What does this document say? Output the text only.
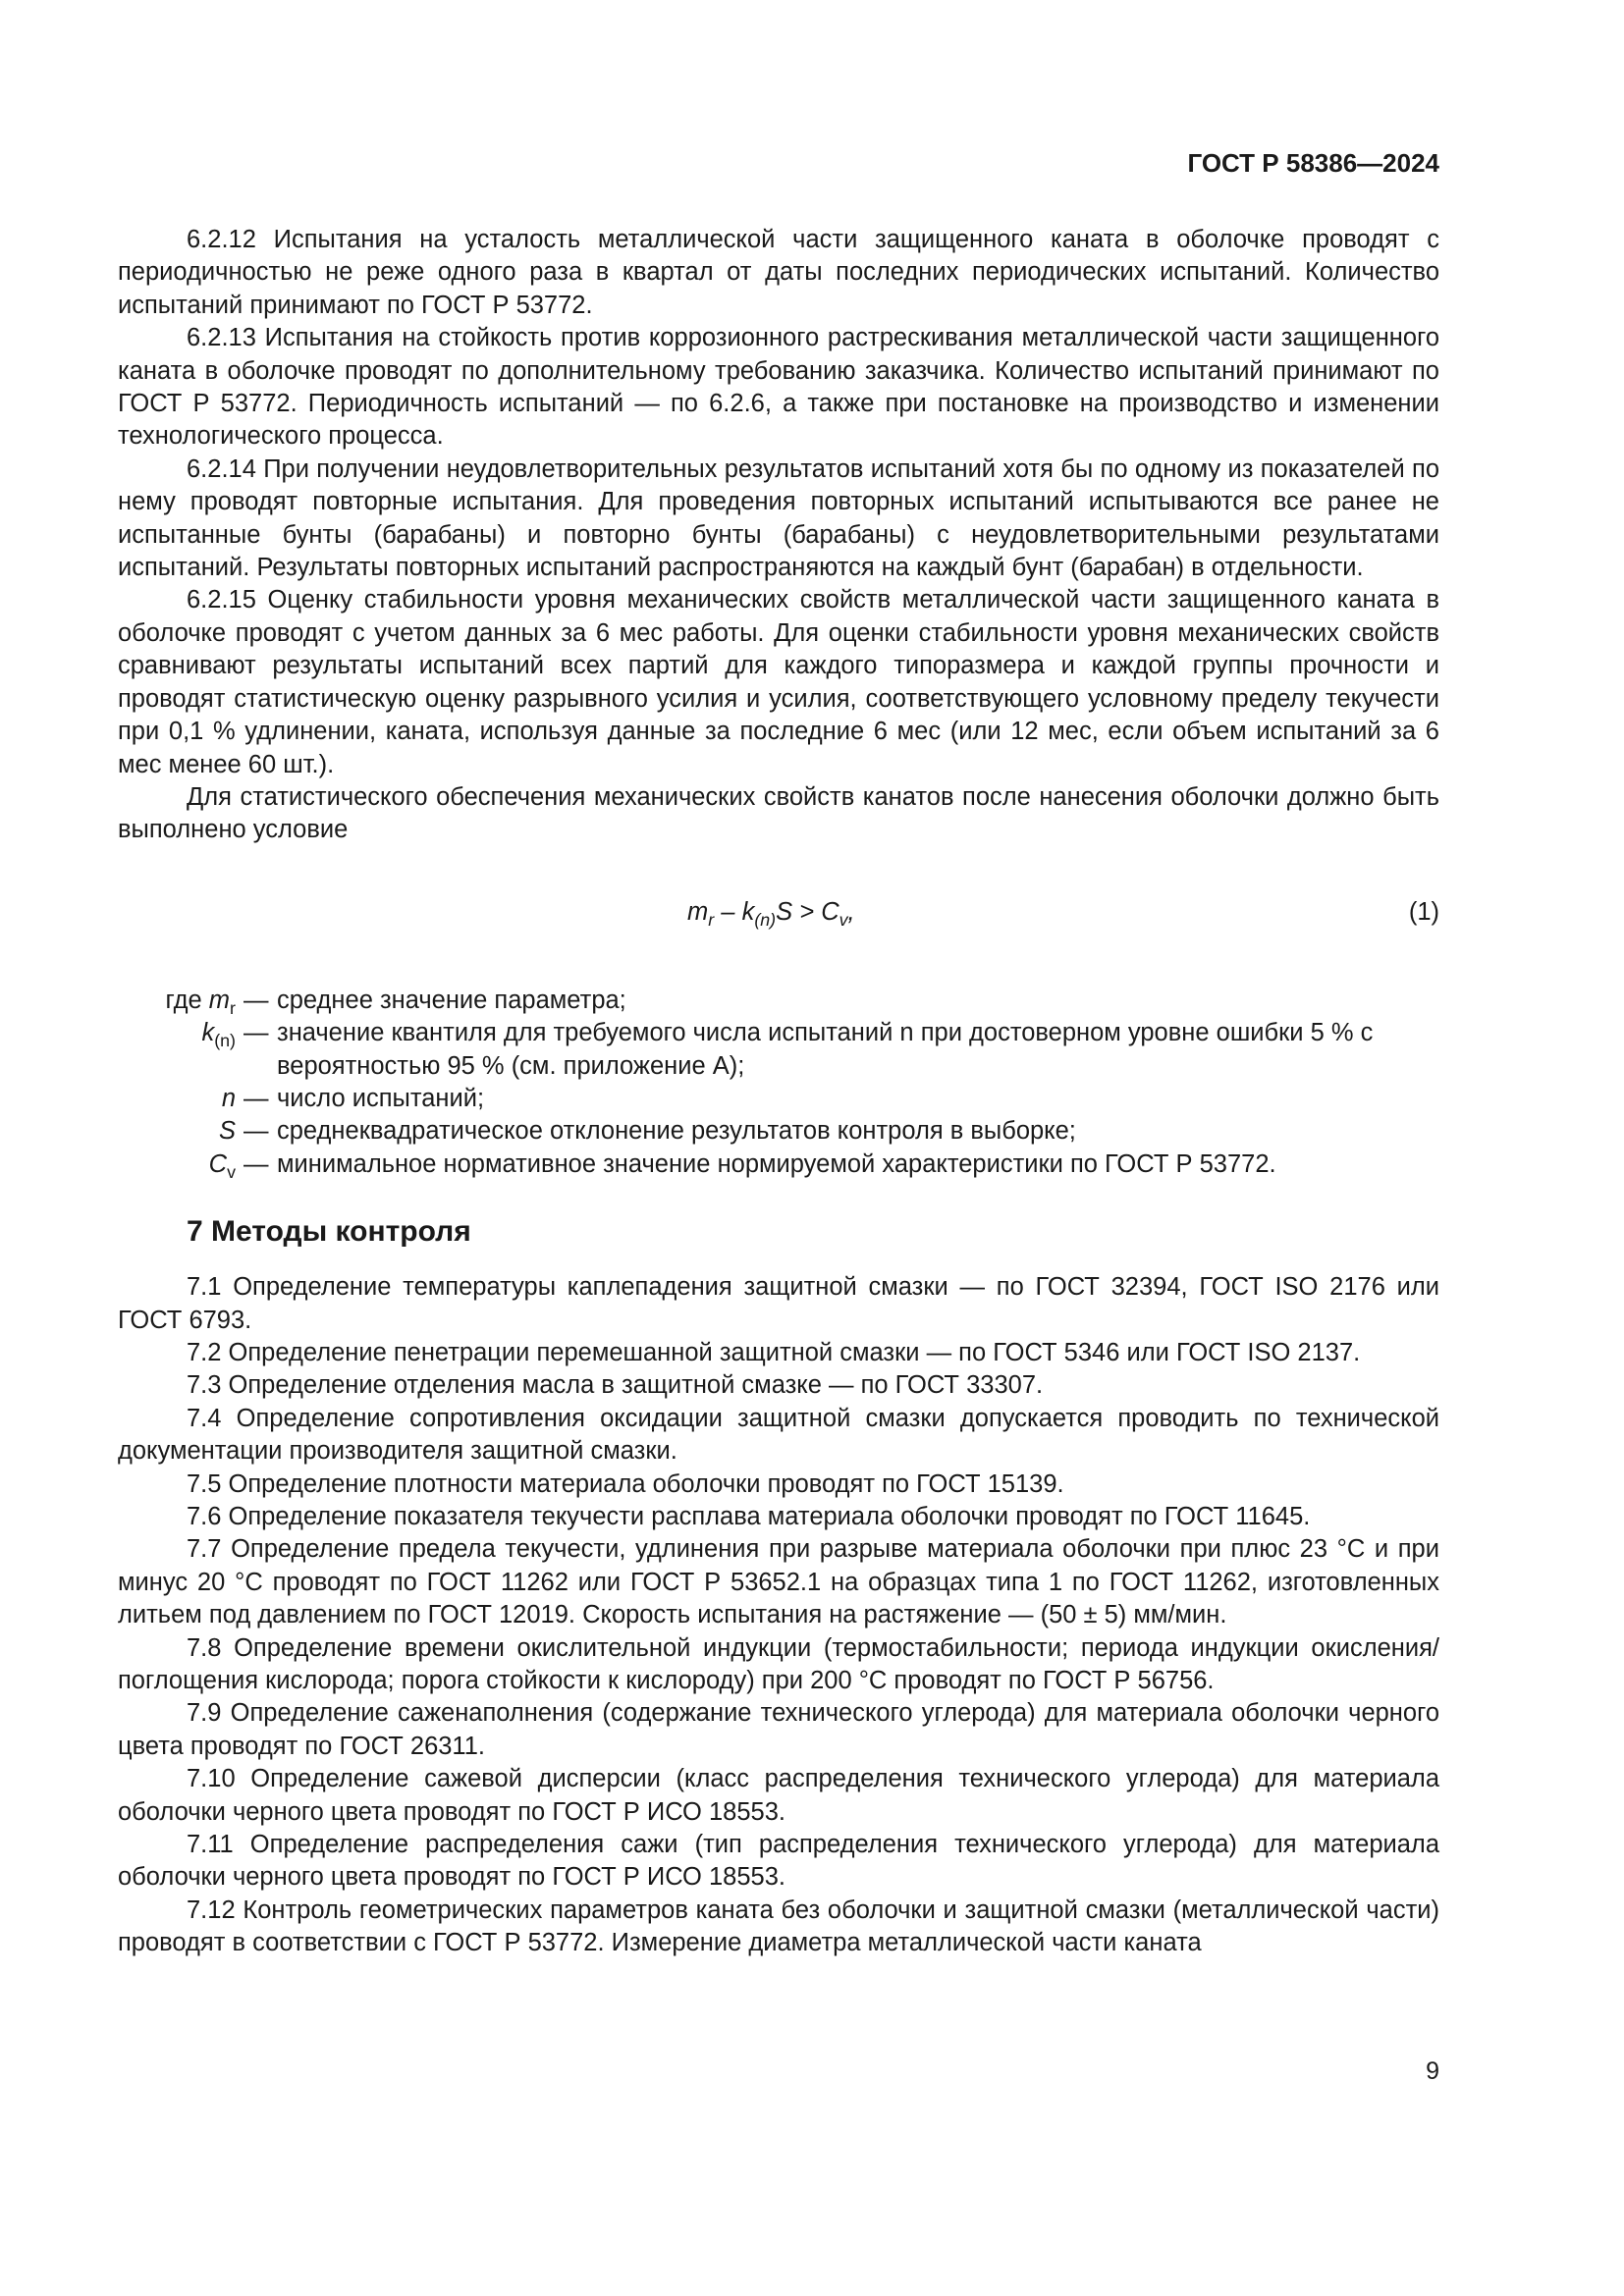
ГОСТ Р 58386—2024

6.2.12 Испытания на усталость металлической части защищенного каната в оболочке проводят с периодичностью не реже одного раза в квартал от даты последних периодических испытаний. Количество испытаний принимают по ГОСТ Р 53772.

6.2.13 Испытания на стойкость против коррозионного растрескивания металлической части защищенного каната в оболочке проводят по дополнительному требованию заказчика. Количество испытаний принимают по ГОСТ Р 53772. Периодичность испытаний — по 6.2.6, а также при постановке на производство и изменении технологического процесса.

6.2.14 При получении неудовлетворительных результатов испытаний хотя бы по одному из показателей по нему проводят повторные испытания. Для проведения повторных испытаний испытываются все ранее не испытанные бунты (барабаны) и повторно бунты (барабаны) с неудовлетворительными результатами испытаний. Результаты повторных испытаний распространяются на каждый бунт (барабан) в отдельности.

6.2.15 Оценку стабильности уровня механических свойств металлической части защищенного каната в оболочке проводят с учетом данных за 6 мес работы. Для оценки стабильности уровня механических свойств сравнивают результаты испытаний всех партий для каждого типоразмера и каждой группы прочности и проводят статистическую оценку разрывного усилия и усилия, соответствующего условному пределу текучести при 0,1 % удлинении, каната, используя данные за последние 6 мес (или 12 мес, если объем испытаний за 6 мес менее 60 шт.).

Для статистического обеспечения механических свойств канатов после нанесения оболочки должно быть выполнено условие

$m_r - k_{(n)}S > C_v$,	(1)
где $m_r$ — среднее значение параметра;
$k_{(n)}$ — значение квантиля для требуемого числа испытаний n при достоверном уровне ошибки 5 % с вероятностью 95 % (см. приложение А);
n — число испытаний;
S — среднеквадратическое отклонение результатов контроля в выборке;
$C_v$ — минимальное нормативное значение нормируемой характеристики по ГОСТ Р 53772.
7 Методы контроля

7.1 Определение температуры каплепадения защитной смазки — по ГОСТ 32394, ГОСТ ISO 2176 или ГОСТ 6793.

7.2 Определение пенетрации перемешанной защитной смазки — по ГОСТ 5346 или ГОСТ ISO 2137.

7.3 Определение отделения масла в защитной смазке — по ГОСТ 33307.

7.4 Определение сопротивления оксидации защитной смазки допускается проводить по технической документации производителя защитной смазки.

7.5 Определение плотности материала оболочки проводят по ГОСТ 15139.

7.6 Определение показателя текучести расплава материала оболочки проводят по ГОСТ 11645.

7.7 Определение предела текучести, удлинения при разрыве материала оболочки при плюс 23 °С и при минус 20 °С проводят по ГОСТ 11262 или ГОСТ Р 53652.1 на образцах типа 1 по ГОСТ 11262, изготовленных литьем под давлением по ГОСТ 12019. Скорость испытания на растяжение — (50 ± 5) мм/мин.

7.8 Определение времени окислительной индукции (термостабильности; периода индукции окисления/поглощения кислорода; порога стойкости к кислороду) при 200 °С проводят по ГОСТ Р 56756.

7.9 Определение саженаполнения (содержание технического углерода) для материала оболочки черного цвета проводят по ГОСТ 26311.

7.10 Определение сажевой дисперсии (класс распределения технического углерода) для материала оболочки черного цвета проводят по ГОСТ Р ИСО 18553.

7.11 Определение распределения сажи (тип распределения технического углерода) для материала оболочки черного цвета проводят по ГОСТ Р ИСО 18553.

7.12 Контроль геометрических параметров каната без оболочки и защитной смазки (металлической части) проводят в соответствии с ГОСТ Р 53772. Измерение диаметра металлической части каната

9
